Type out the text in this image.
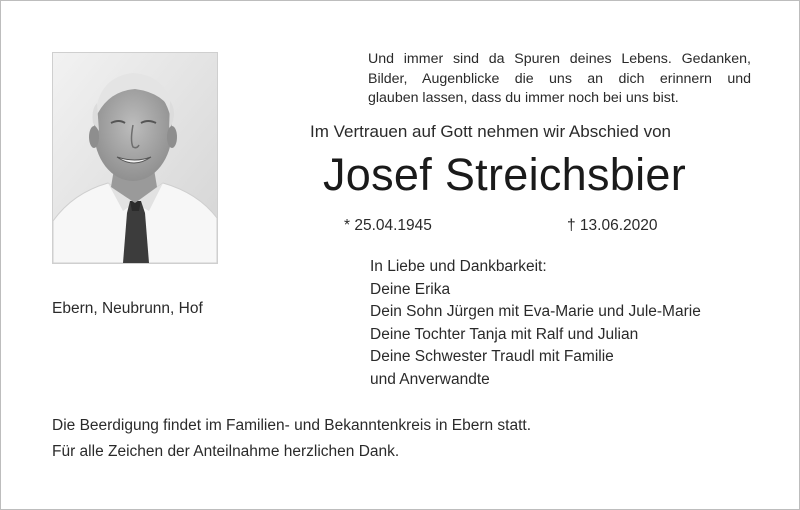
Und immer sind da Spuren deines Lebens. Gedanken,
Bilder, Augenblicke die uns an dich erinnern und
glauben lassen, dass du immer noch bei uns bist.
Im Vertrauen auf Gott nehmen wir Abschied von
Josef Streichsbier
* 25.04.1945	† 13.06.2020
Ebern, Neubrunn, Hof
In Liebe und Dankbarkeit:
Deine Erika
Dein Sohn Jürgen mit Eva-Marie und Jule-Marie
Deine Tochter Tanja mit Ralf und Julian
Deine Schwester Traudl mit Familie
und Anverwandte
Die Beerdigung findet im Familien- und Bekanntenkreis in Ebern statt.
Für alle Zeichen der Anteilnahme herzlichen Dank.
